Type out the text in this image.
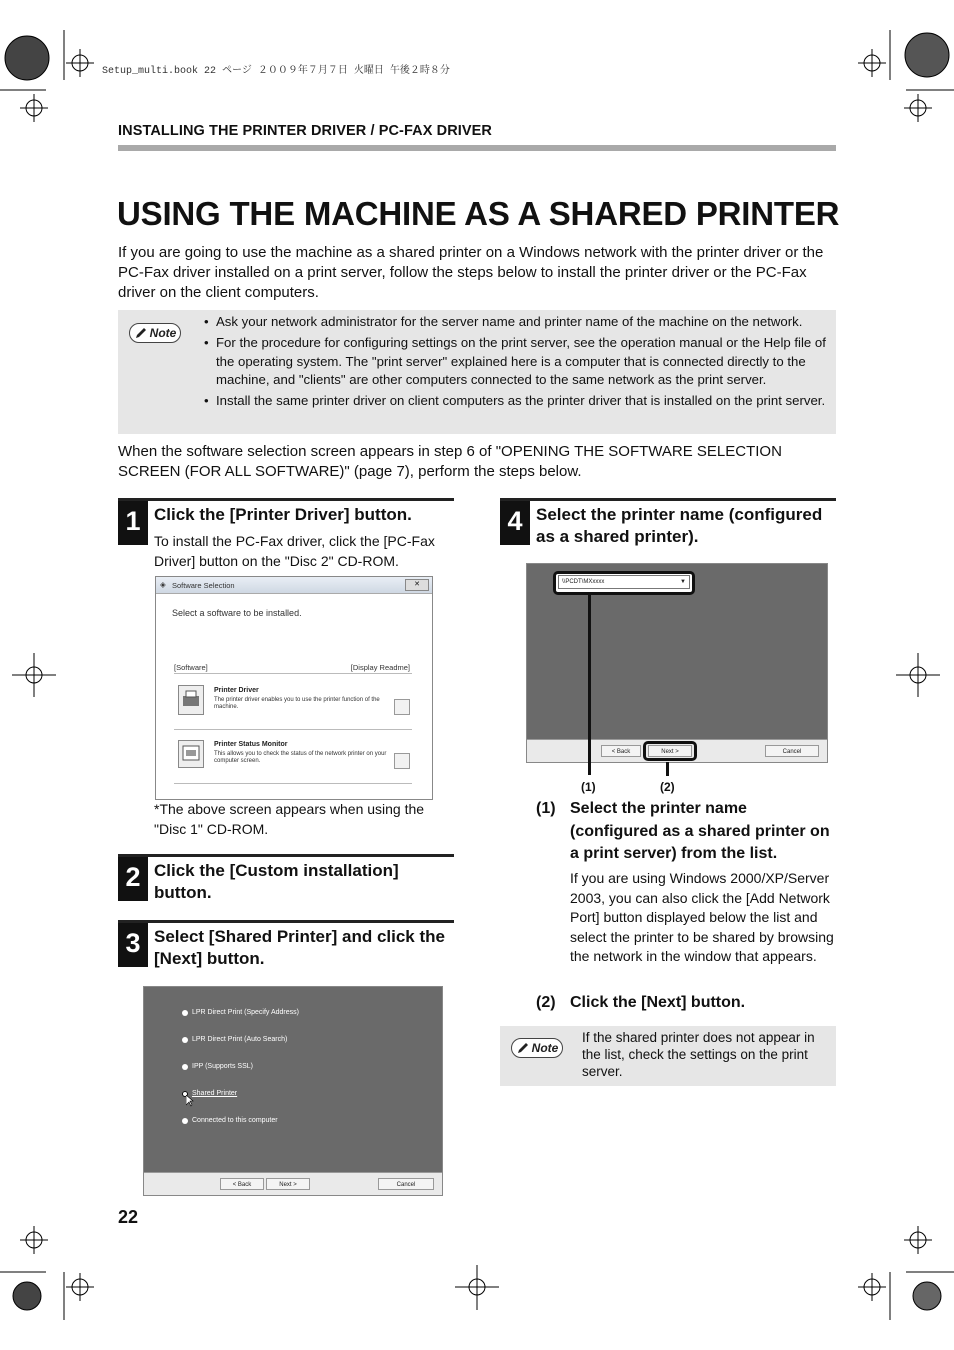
Setup_multi.book 22 ページ ２００９年７月７日 火曜日 午後２時８分
INSTALLING THE PRINTER DRIVER / PC-FAX DRIVER
USING THE MACHINE AS A SHARED PRINTER

If you are going to use the machine as a shared printer on a Windows network with the printer driver or the PC-Fax driver installed on a print server, follow the steps below to install the printer driver or the PC-Fax driver on the client computers.

Note
• Ask your network administrator for the server name and printer name of the machine on the network.
• For the procedure for configuring settings on the print server, see the operation manual or the Help file of the operating system. The "print server" explained here is a computer that is connected directly to the machine, and "clients" are other computers connected to the same network as the print server.
• Install the same printer driver on client computers as the printer driver that is installed on the print server.

When the software selection screen appears in step 6 of "OPENING THE SOFTWARE SELECTION SCREEN (FOR ALL SOFTWARE)" (page 7), perform the steps below.

1 Click the [Printer Driver] button.

To install the PC-Fax driver, click the [PC-Fax Driver] button on the "Disc 2" CD-ROM.

◈ Software Selection	✕
Select a software to be installed.
[Software]	[Display Readme]
Printer Driver
The printer driver enables you to use the printer function of the machine.
Printer Status Monitor
This allows you to check the status of the network printer on your computer screen.

*The above screen appears when using the "Disc 1" CD-ROM.

2 Click the [Custom installation] button.
3 Select [Shared Printer] and click the [Next] button.
LPR Direct Print (Specify Address)
LPR Direct Print (Auto Search)
IPP (Supports SSL)
Shared Printer
Connected to this computer
< Back	Next >	Cancel
4 Select the printer name (configured as a shared printer).
\\PCDT\MXxxxx	▼
< Back	Next >	Cancel
(1)	(2)
(1) Select the printer name (configured as a shared printer on a print server) from the list.

If you are using Windows 2000/XP/Server 2003, you can also click the [Add Network Port] button displayed below the list and select the printer to be shared by browsing the network in the window that appears.

(2) Click the [Next] button.
Note

If the shared printer does not appear in the list, check the settings on the print server.

22
